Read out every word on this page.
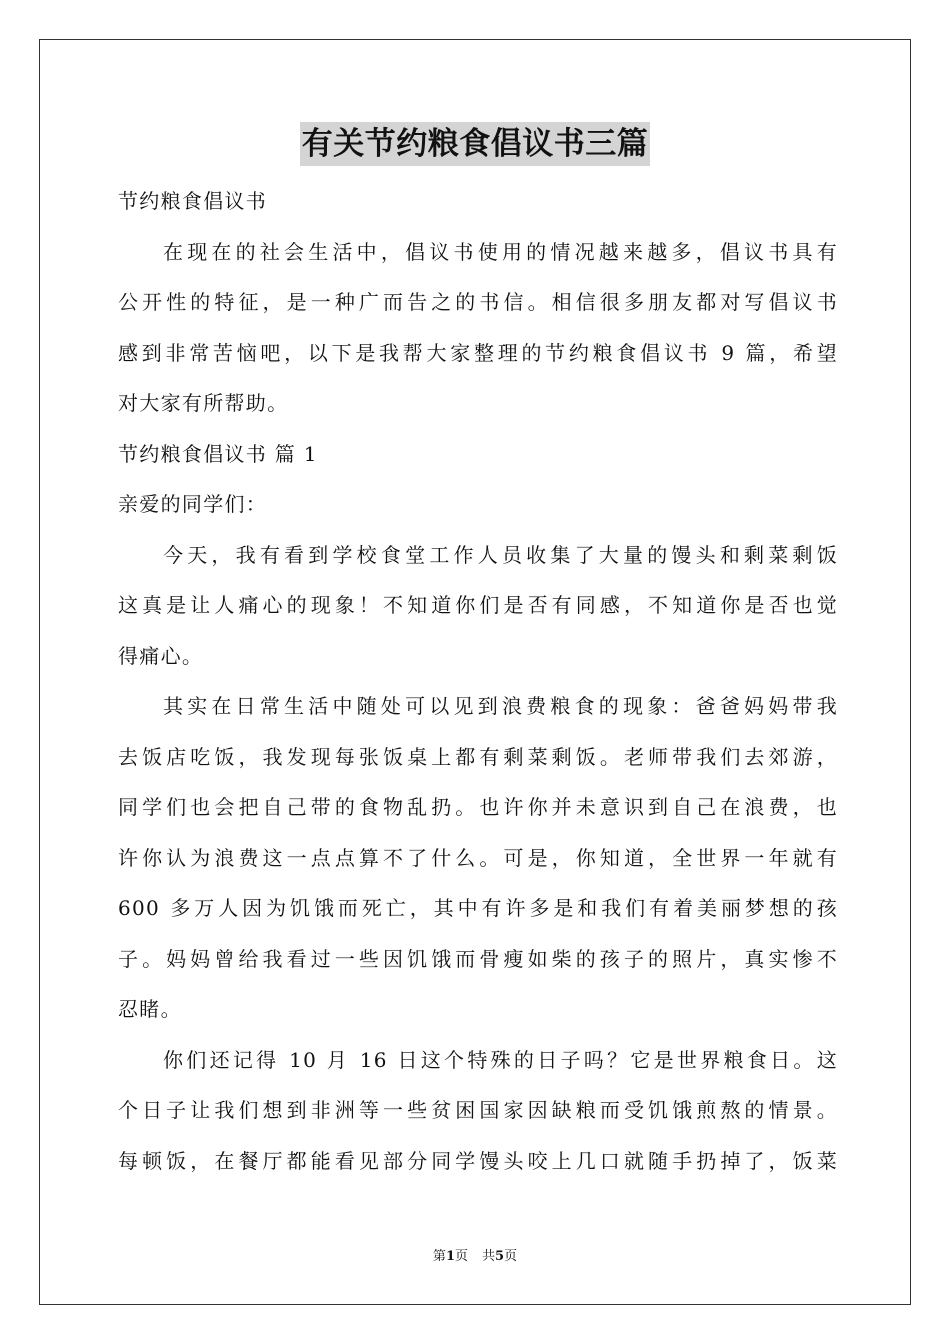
有关节约粮食倡议书三篇
节约粮食倡议书
在现在的社会生活中，倡议书使用的情况越来越多，倡议书具有
公开性的特征，是一种广而告之的书信。相信很多朋友都对写倡议书
感到非常苦恼吧，以下是我帮大家整理的节约粮食倡议书 9 篇，希望
对大家有所帮助。
节约粮食倡议书 篇 1
亲爱的同学们：
今天，我有看到学校食堂工作人员收集了大量的馒头和剩菜剩饭
这真是让人痛心的现象！不知道你们是否有同感，不知道你是否也觉
得痛心。
其实在日常生活中随处可以见到浪费粮食的现象：爸爸妈妈带我
去饭店吃饭，我发现每张饭桌上都有剩菜剩饭。老师带我们去郊游，
同学们也会把自己带的食物乱扔。也许你并未意识到自己在浪费，也
许你认为浪费这一点点算不了什么。可是，你知道，全世界一年就有
600 多万人因为饥饿而死亡，其中有许多是和我们有着美丽梦想的孩
子。妈妈曾给我看过一些因饥饿而骨瘦如柴的孩子的照片，真实惨不
忍睹。
你们还记得 10 月 16 日这个特殊的日子吗？它是世界粮食日。这
个日子让我们想到非洲等一些贫困国家因缺粮而受饥饿煎熬的情景。
每顿饭，在餐厅都能看见部分同学馒头咬上几口就随手扔掉了，饭菜
第1页 共5页
